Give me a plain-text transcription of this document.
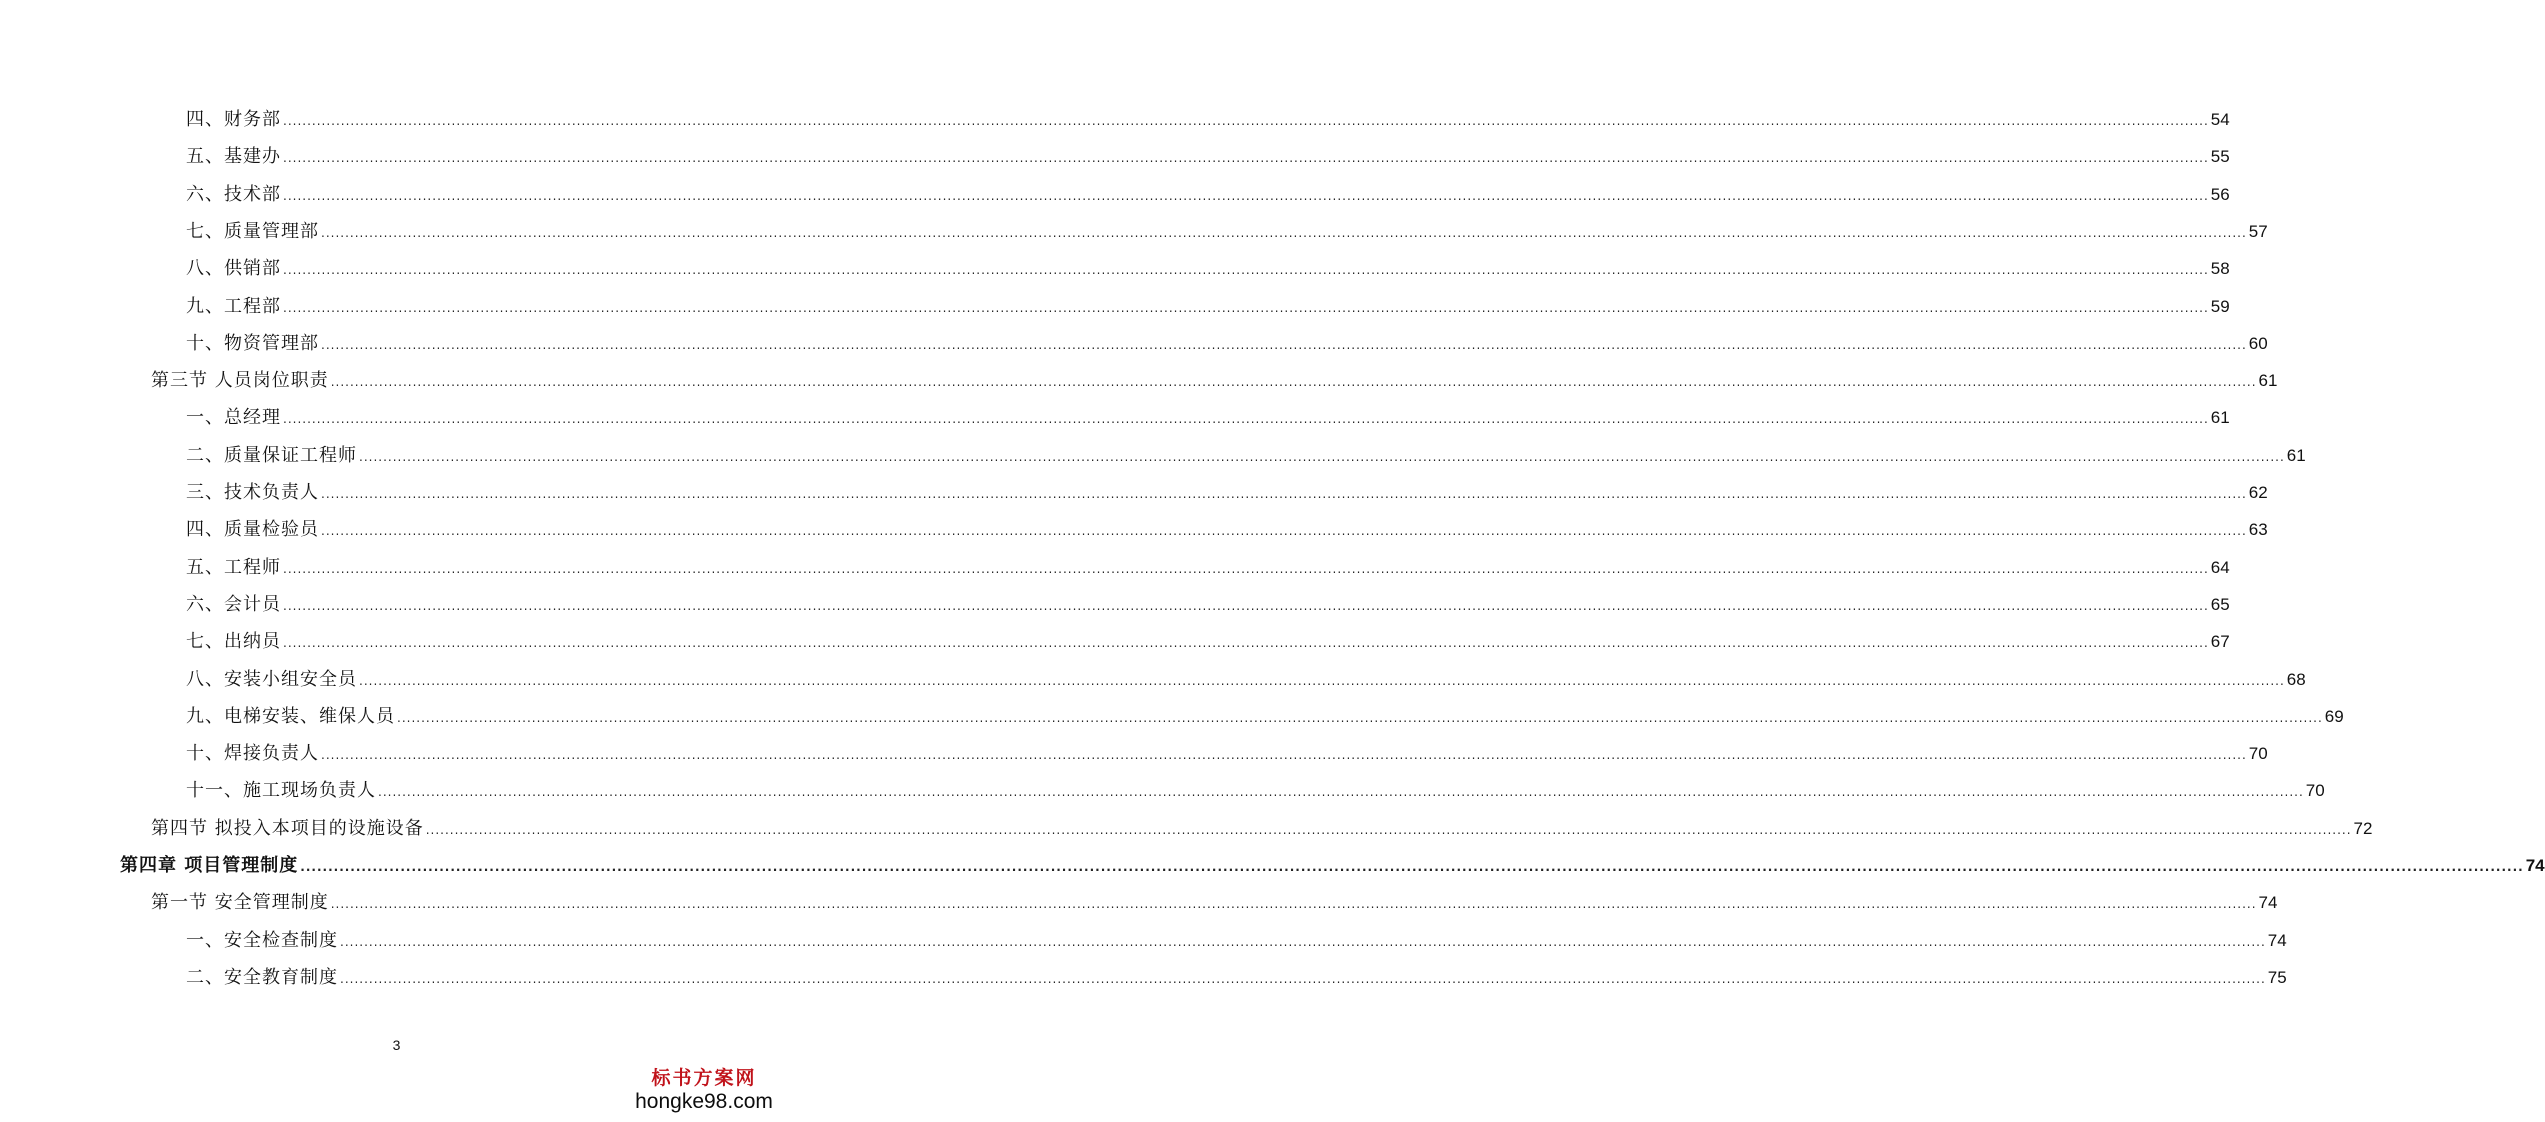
四、财务部 ................................................................................................................................................................................................................................................................................................................................................................................................................ 54
五、基建办 ................................................................................................................................................................................................................................................................................................................................................................................................................ 55
六、技术部 ................................................................................................................................................................................................................................................................................................................................................................................................................ 56
七、质量管理部 ................................................................................................................................................................................................................................................................................................................................................................................................................ 57
八、供销部 ................................................................................................................................................................................................................................................................................................................................................................................................................ 58
九、工程部 ................................................................................................................................................................................................................................................................................................................................................................................................................ 59
十、物资管理部 ................................................................................................................................................................................................................................................................................................................................................................................................................ 60
第三节 人员岗位职责 ................................................................................................................................................................................................................................................................................................................................................................................................................ 61
一、总经理 ................................................................................................................................................................................................................................................................................................................................................................................................................ 61
二、质量保证工程师 ................................................................................................................................................................................................................................................................................................................................................................................................................ 61
三、技术负责人 ................................................................................................................................................................................................................................................................................................................................................................................................................ 62
四、质量检验员 ................................................................................................................................................................................................................................................................................................................................................................................................................ 63
五、工程师 ................................................................................................................................................................................................................................................................................................................................................................................................................ 64
六、会计员 ................................................................................................................................................................................................................................................................................................................................................................................................................ 65
七、出纳员 ................................................................................................................................................................................................................................................................................................................................................................................................................ 67
八、安装小组安全员 ................................................................................................................................................................................................................................................................................................................................................................................................................ 68
九、电梯安装、维保人员 ................................................................................................................................................................................................................................................................................................................................................................................................................ 69
十、焊接负责人 ................................................................................................................................................................................................................................................................................................................................................................................................................ 70
十一、施工现场负责人 ................................................................................................................................................................................................................................................................................................................................................................................................................ 70
第四节 拟投入本项目的设施设备 ................................................................................................................................................................................................................................................................................................................................................................................................................ 72
第四章 项目管理制度 ................................................................................................................................................................................................................................................................................................................................................................................................................ 74
第一节 安全管理制度 ................................................................................................................................................................................................................................................................................................................................................................................................................ 74
一、安全检查制度 ................................................................................................................................................................................................................................................................................................................................................................................................................ 74
二、安全教育制度 ................................................................................................................................................................................................................................................................................................................................................................................................................ 75
3
标书方案网
hongke98.com
